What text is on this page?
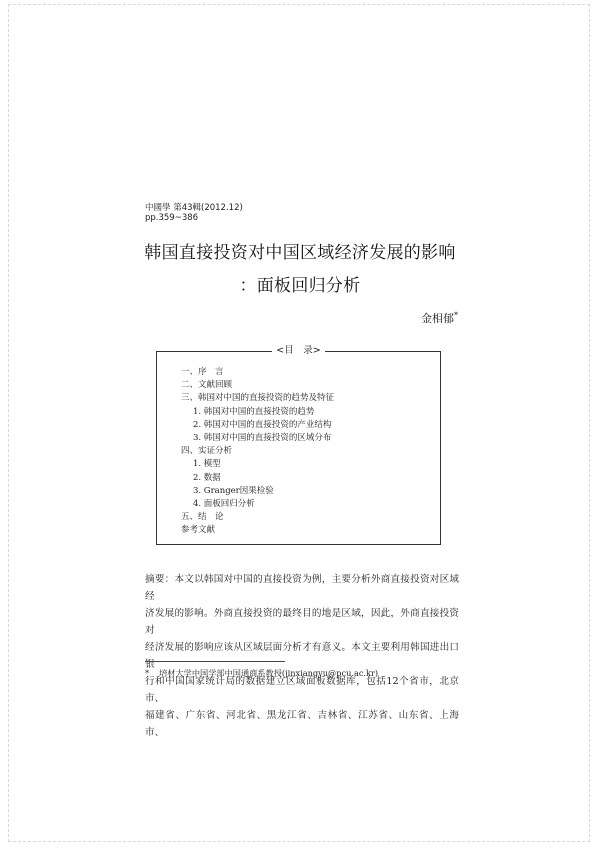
中國學 第43輯(2012.12)
pp.359~386
韩国直接投资对中国区域经济发展的影响
：面板回归分析
金相郁*
<目　录>
一、序　言
二、文献回顾
三、韩国对中国的直接投资的趋势及特征
1. 韩国对中国的直接投资的趋势
2. 韩国对中国的直接投资的产业结构
3. 韩国对中国的直接投资的区域分布
四、实证分析
1. 模型
2. 数据
3. Granger因果检验
4. 面板回归分析
五、结　论
参考文献

摘要：本文以韩国对中国的直接投资为例，主要分析外商直接投资对区域经

济发展的影响。外商直接投资的最终目的地是区域，因此，外商直接投资对

经济发展的影响应该从区域层面分析才有意义。本文主要利用韩国进出口银

行和中国国家统计局的数据建立区域面板数据库，包括12个省市，北京市、

福建省、广东省、河北省、黑龙江省、吉林省、江苏省、山东省、上海市、

* 培材大学中国学部中国通商系教授(jinxiangyu@pcu.ac.kr)
